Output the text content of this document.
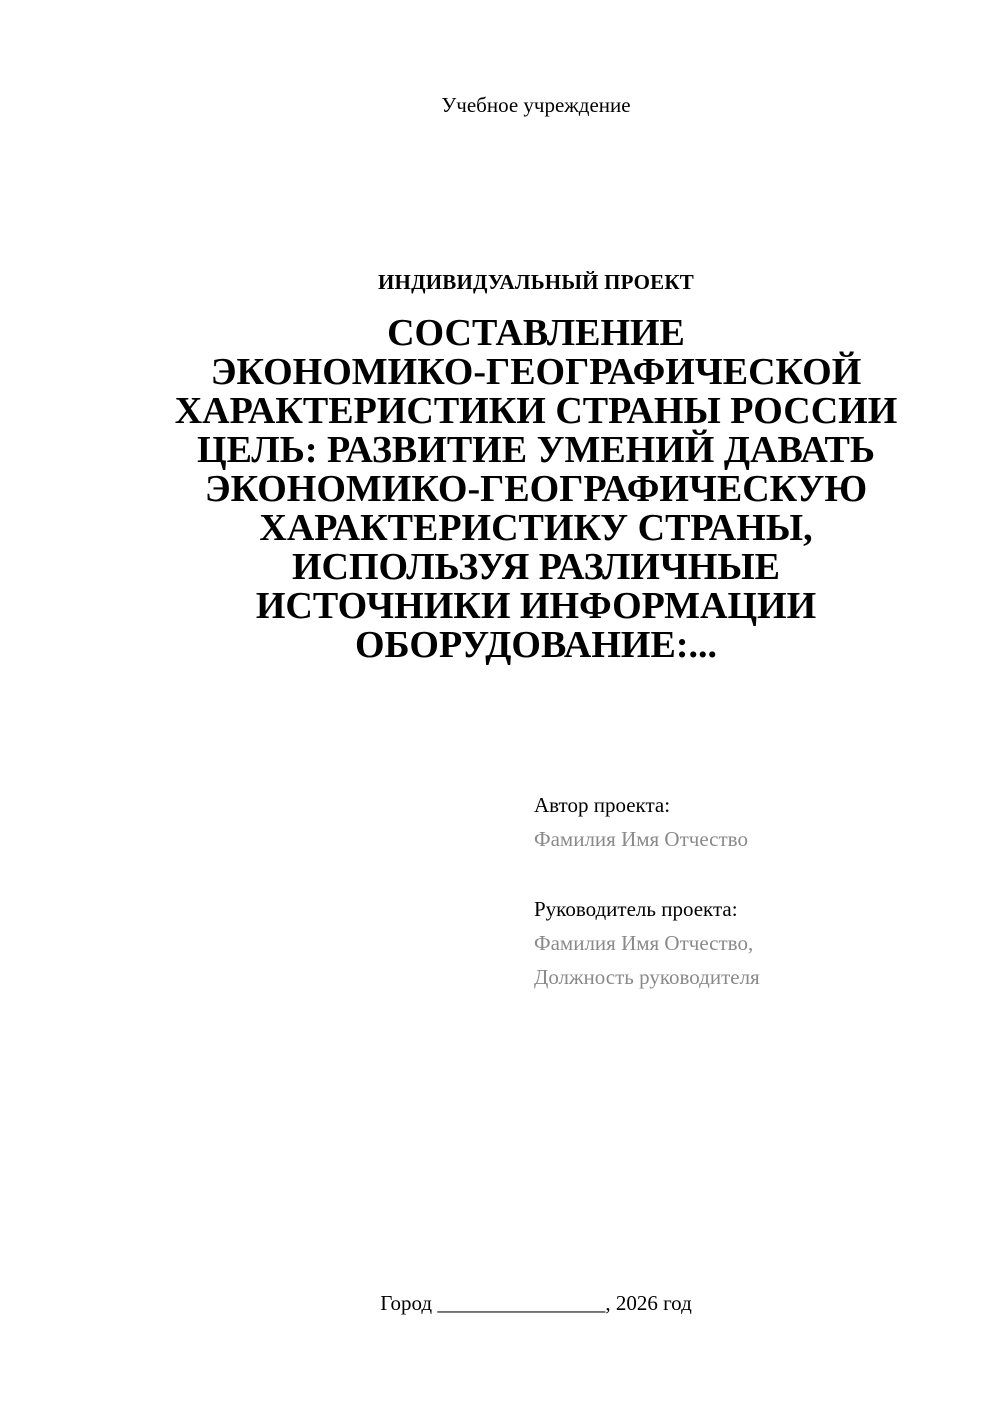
Учебное учреждение
ИНДИВИДУАЛЬНЫЙ ПРОЕКТ
СОСТАВЛЕНИЕ
ЭКОНОМИКО-ГЕОГРАФИЧЕСКОЙ
ХАРАКТЕРИСТИКИ СТРАНЫ РОССИИ
ЦЕЛЬ: РАЗВИТИЕ УМЕНИЙ ДАВАТЬ
ЭКОНОМИКО-ГЕОГРАФИЧЕСКУЮ
ХАРАКТЕРИСТИКУ СТРАНЫ,
ИСПОЛЬЗУЯ РАЗЛИЧНЫЕ
ИСТОЧНИКИ ИНФОРМАЦИИ
ОБОРУДОВАНИЕ:...
Автор проекта:
Фамилия Имя Отчество
Руководитель проекта:
Фамилия Имя Отчество,
Должность руководителя
Город ________________, 2026 год
